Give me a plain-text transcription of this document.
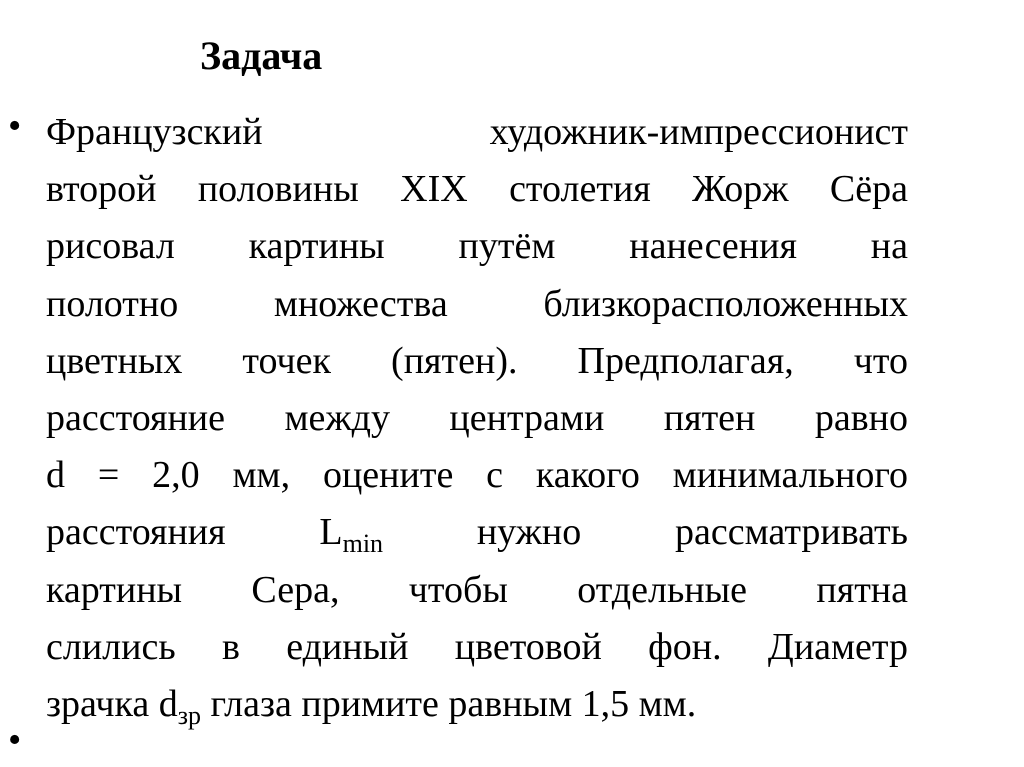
Задача
•
•

Французский художник-импрессионист
второй половины XIX столетия Жорж Сёра
рисовал картины путём нанесения на
полотно множества близкорасположенных
цветных точек (пятен). Предполагая, что
расстояние между центрами пятен равно
d = 2,0 мм, оцените с какого минимального
расстояния $L_{min}$ нужно рассматривать
картины Сера, чтобы отдельные пятна
слились в единый цветовой фон. Диаметр
зрачка $d_{зр}$ глаза примите равным 1,5 мм.
